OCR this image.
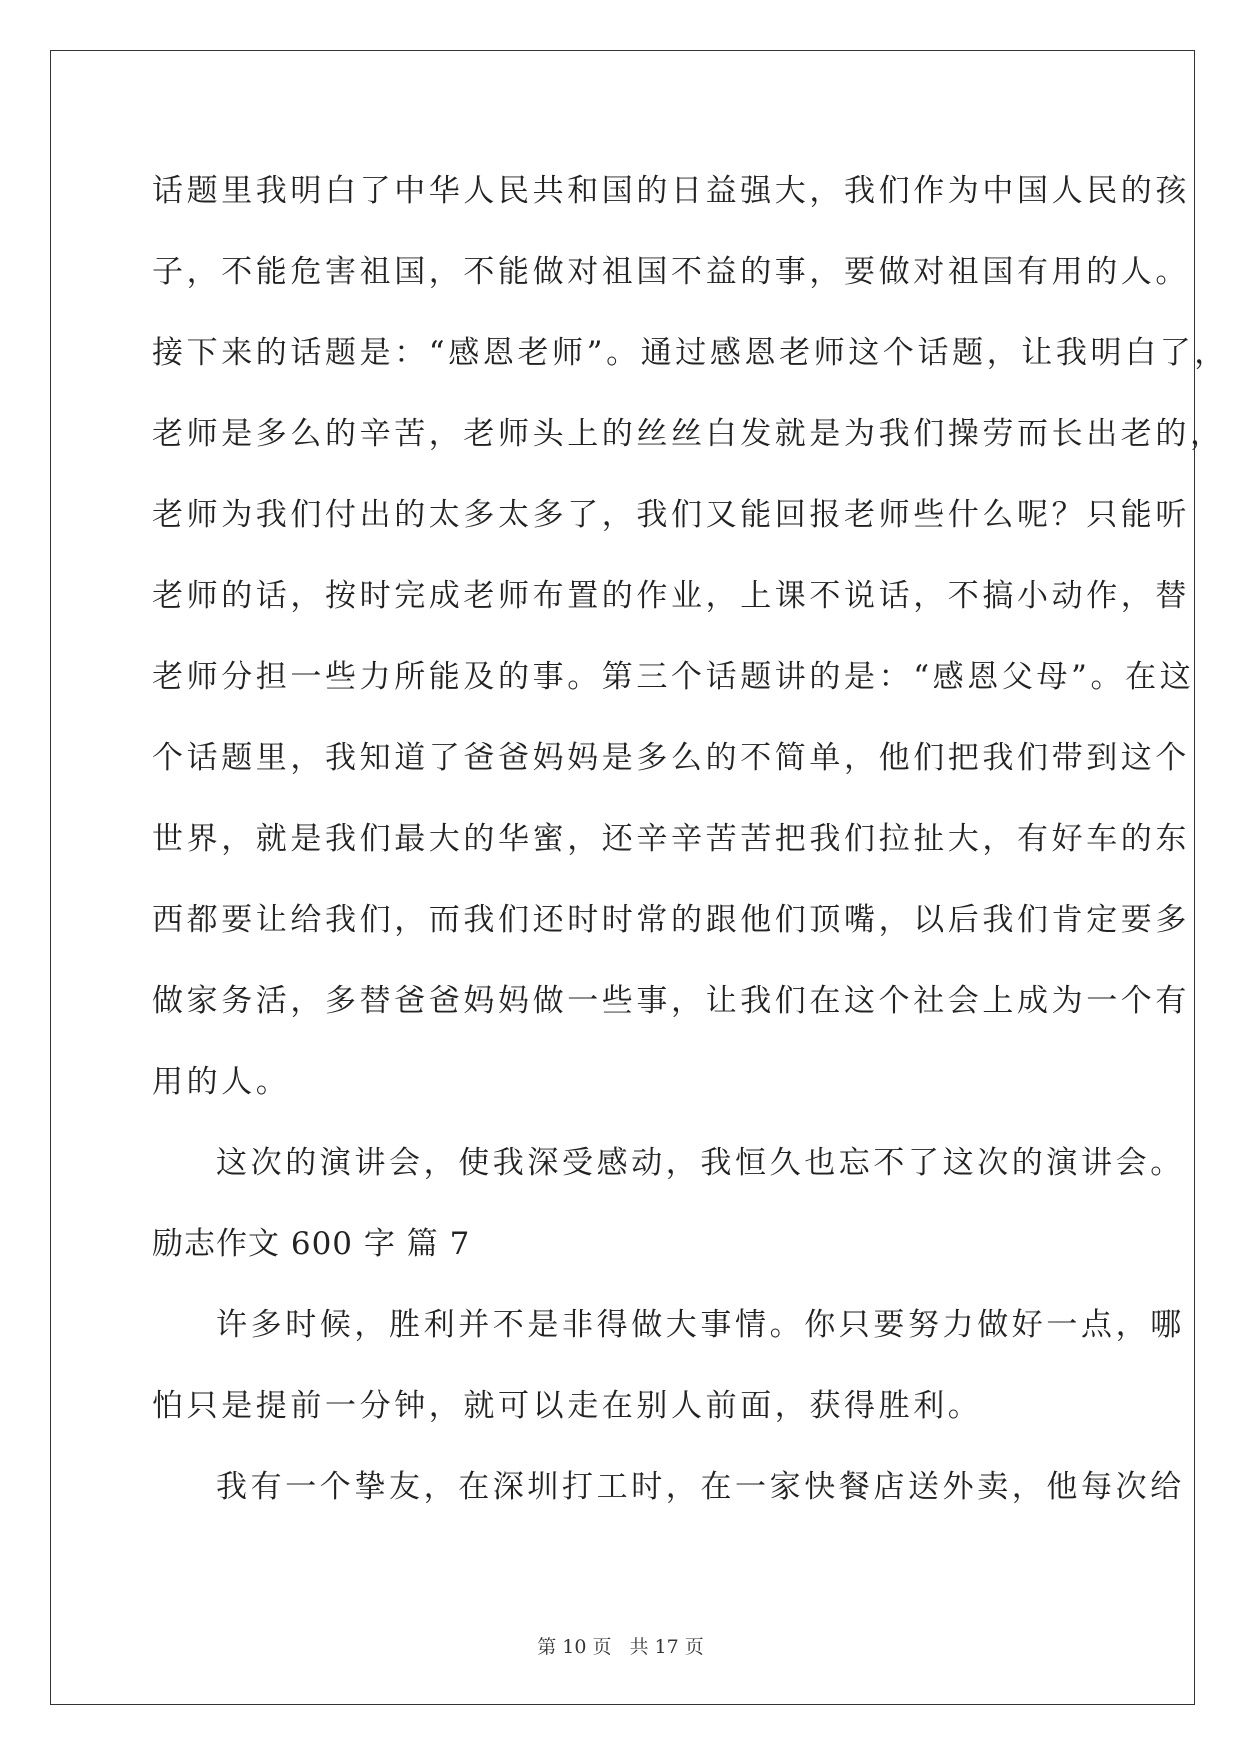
话题里我明白了中华人民共和国的日益强大，我们作为中国人民的孩
子，不能危害祖国，不能做对祖国不益的事，要做对祖国有用的人。
接下来的话题是：“感恩老师”。通过感恩老师这个话题，让我明白了，
老师是多么的辛苦，老师头上的丝丝白发就是为我们操劳而长出老的，
老师为我们付出的太多太多了，我们又能回报老师些什么呢？只能听
老师的话，按时完成老师布置的作业，上课不说话，不搞小动作，替
老师分担一些力所能及的事。第三个话题讲的是：“感恩父母”。在这
个话题里，我知道了爸爸妈妈是多么的不简单，他们把我们带到这个
世界，就是我们最大的华蜜，还辛辛苦苦把我们拉扯大，有好车的东
西都要让给我们，而我们还时时常的跟他们顶嘴，以后我们肯定要多
做家务活，多替爸爸妈妈做一些事，让我们在这个社会上成为一个有
用的人。
这次的演讲会，使我深受感动，我恒久也忘不了这次的演讲会。
励志作文 600 字 篇 7
许多时候，胜利并不是非得做大事情。你只要努力做好一点，哪
怕只是提前一分钟，就可以走在别人前面，获得胜利。
我有一个挚友，在深圳打工时，在一家快餐店送外卖，他每次给
第 10 页 共 17 页
